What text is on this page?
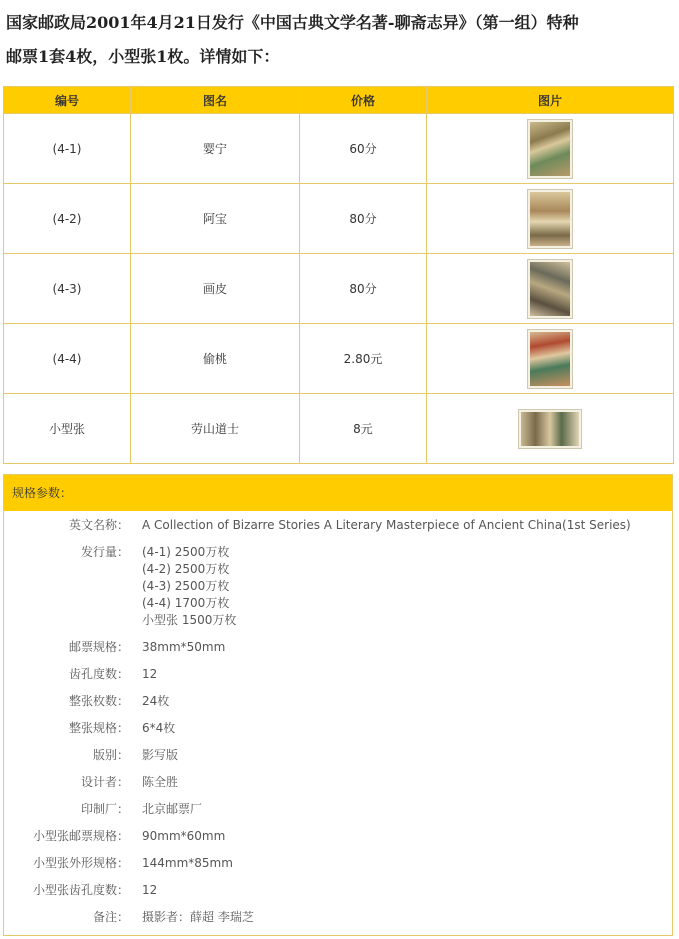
国家邮政局2001年4月21日发行《中国古典文学名著-聊斋志异》（第一组）特种
邮票1套4枚，小型张1枚。详情如下：
编号	图名	价格	图片
(4-1)	婴宁	60分	
(4-2)	阿宝	80分	
(4-3)	画皮	80分	
(4-4)	偷桃	2.80元	
小型张	劳山道士	8元	
规格参数：
英文名称：	A Collection of Bizarre Stories A Literary Masterpiece of Ancient China(1st Series)
发行量： (4-1) 2500万枚
(4-2) 2500万枚
(4-3) 2500万枚
(4-4) 1700万枚
小型张 1500万枚
邮票规格：	38mm*50mm
齿孔度数：	12
整张枚数：	24枚
整张规格：	6*4枚
版别：	影写版
设计者：	陈全胜
印制厂：	北京邮票厂
小型张邮票规格：	90mm*60mm
小型张外形规格：	144mm*85mm
小型张齿孔度数：	12
备注：	摄影者：薛超 李瑞芝
